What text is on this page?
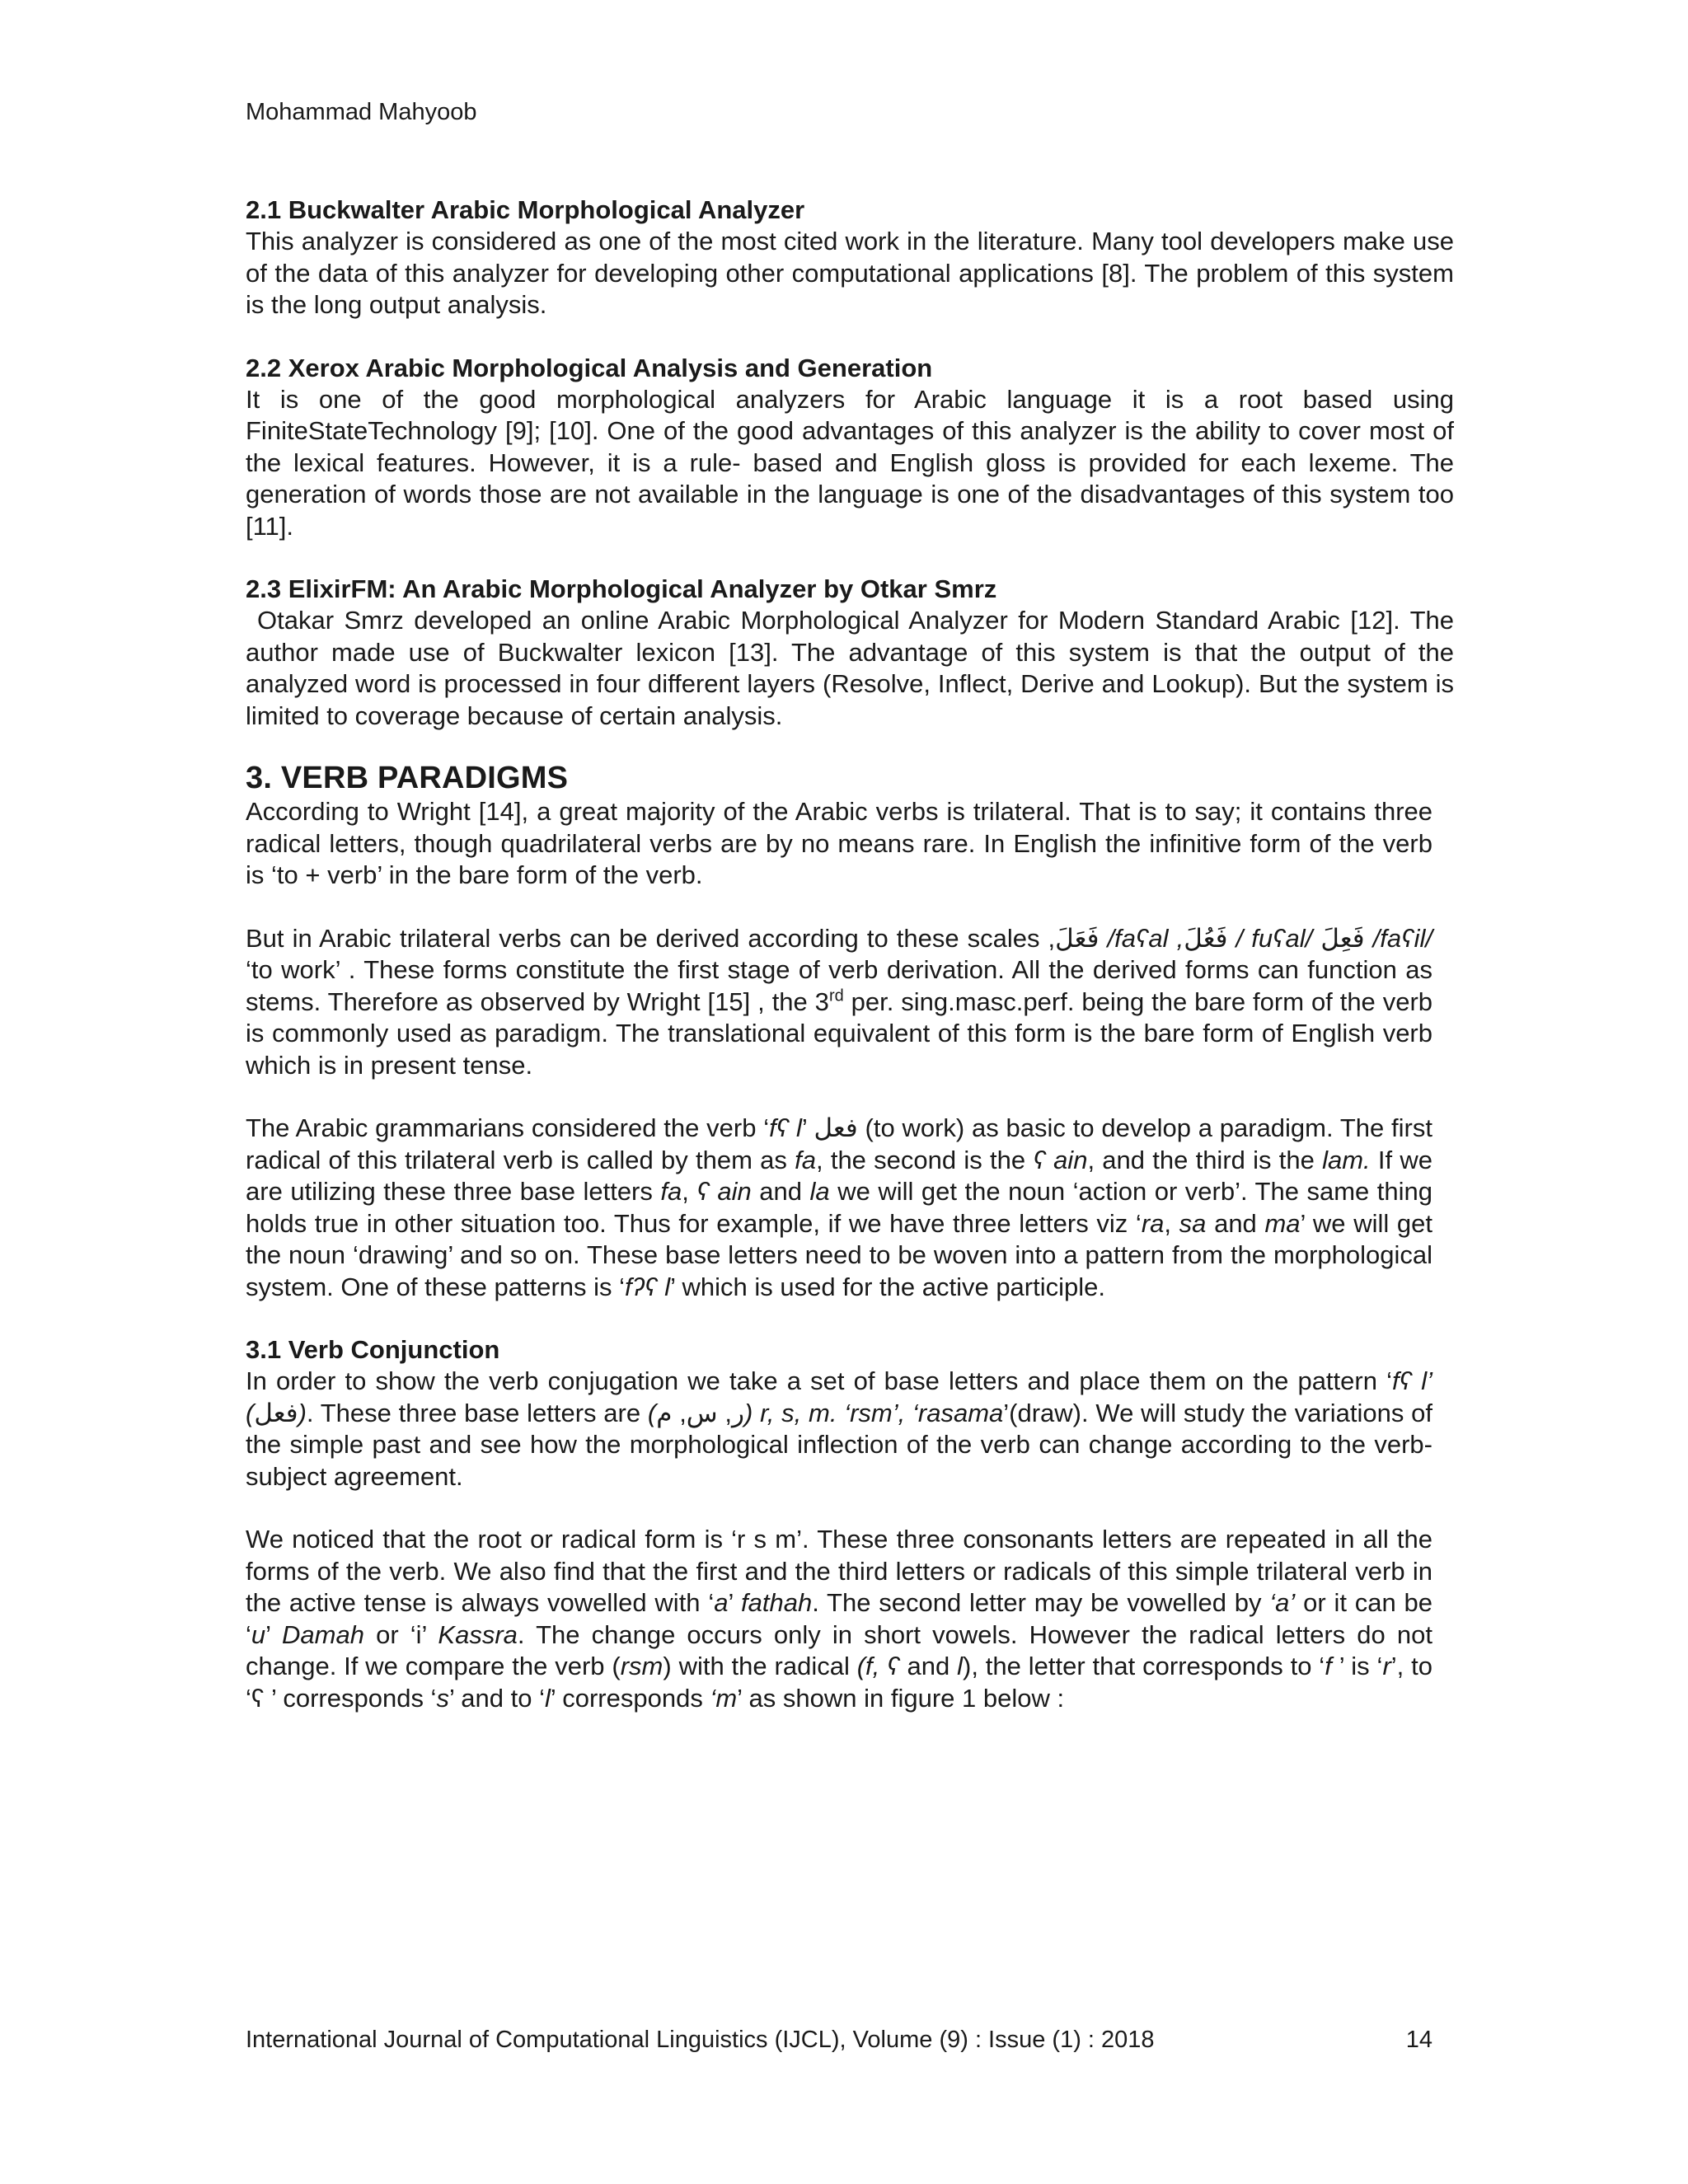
Mohammad Mahyoob
2.1 Buckwalter Arabic Morphological Analyzer

This analyzer is considered as one of the most cited work in the literature. Many tool developers make use of the data of this analyzer for developing other computational applications [8]. The problem of this system is the long output analysis.

2.2 Xerox Arabic Morphological Analysis and Generation

It is one of the good morphological analyzers for Arabic language it is a root based using FiniteStateTechnology [9]; [10]. One of the good advantages of this analyzer is the ability to cover most of the lexical features. However, it is a rule- based and English gloss is provided for each lexeme. The generation of words those are not available in the language is one of the disadvantages of this system too [11].

2.3 ElixirFM: An Arabic Morphological Analyzer by Otkar Smrz

Otakar Smrz developed an online Arabic Morphological Analyzer for Modern Standard Arabic [12]. The author made use of Buckwalter lexicon [13]. The advantage of this system is that the output of the analyzed word is processed in four different layers (Resolve, Inflect, Derive and Lookup). But the system is limited to coverage because of certain analysis.

3. VERB PARADIGMS

According to Wright [14], a great majority of the Arabic verbs is trilateral. That is to say; it contains three radical letters, though quadrilateral verbs are by no means rare. In English the infinitive form of the verb is ‘to + verb’ in the bare form of the verb.

But in Arabic trilateral verbs can be derived according to these scales ,فَعَلَ /faʕal ,فَعُلَ / fuʕal/ فَعِلَ /faʕil/ ‘to work’ . These forms constitute the first stage of verb derivation. All the derived forms can function as stems. Therefore as observed by Wright [15] , the 3rd per. sing.masc.perf. being the bare form of the verb is commonly used as paradigm. The translational equivalent of this form is the bare form of English verb which is in present tense.

The Arabic grammarians considered the verb ‘fʕ l’ فعل (to work) as basic to develop a paradigm. The first radical of this trilateral verb is called by them as fa, the second is the ʕ ain, and the third is the lam. If we are utilizing these three base letters fa, ʕ ain and la we will get the noun ‘action or verb’. The same thing holds true in other situation too. Thus for example, if we have three letters viz ‘ra, sa and ma’ we will get the noun ‘drawing’ and so on. These base letters need to be woven into a pattern from the morphological system. One of these patterns is ‘fʔʕ l’ which is used for the active participle.

3.1 Verb Conjunction

In order to show the verb conjugation we take a set of base letters and place them on the pattern ‘fʕ l’ (فعل). These three base letters are (ر, س, م) r, s, m. ‘rsm’, ‘rasama’(draw). We will study the variations of the simple past and see how the morphological inflection of the verb can change according to the verb-subject agreement.

We noticed that the root or radical form is ‘r s m’. These three consonants letters are repeated in all the forms of the verb. We also find that the first and the third letters or radicals of this simple trilateral verb in the active tense is always vowelled with ‘a’ fathah. The second letter may be vowelled by ‘a’ or it can be ‘u’ Damah or ‘i’ Kassra. The change occurs only in short vowels. However the radical letters do not change. If we compare the verb (rsm) with the radical (f, ʕ and l), the letter that corresponds to ‘f ’ is ‘r’, to ‘ʕ ’ corresponds ‘s’ and to ‘l’ corresponds ‘m’ as shown in figure 1 below :

International Journal of Computational Linguistics (IJCL), Volume (9) : Issue (1) : 2018	14
